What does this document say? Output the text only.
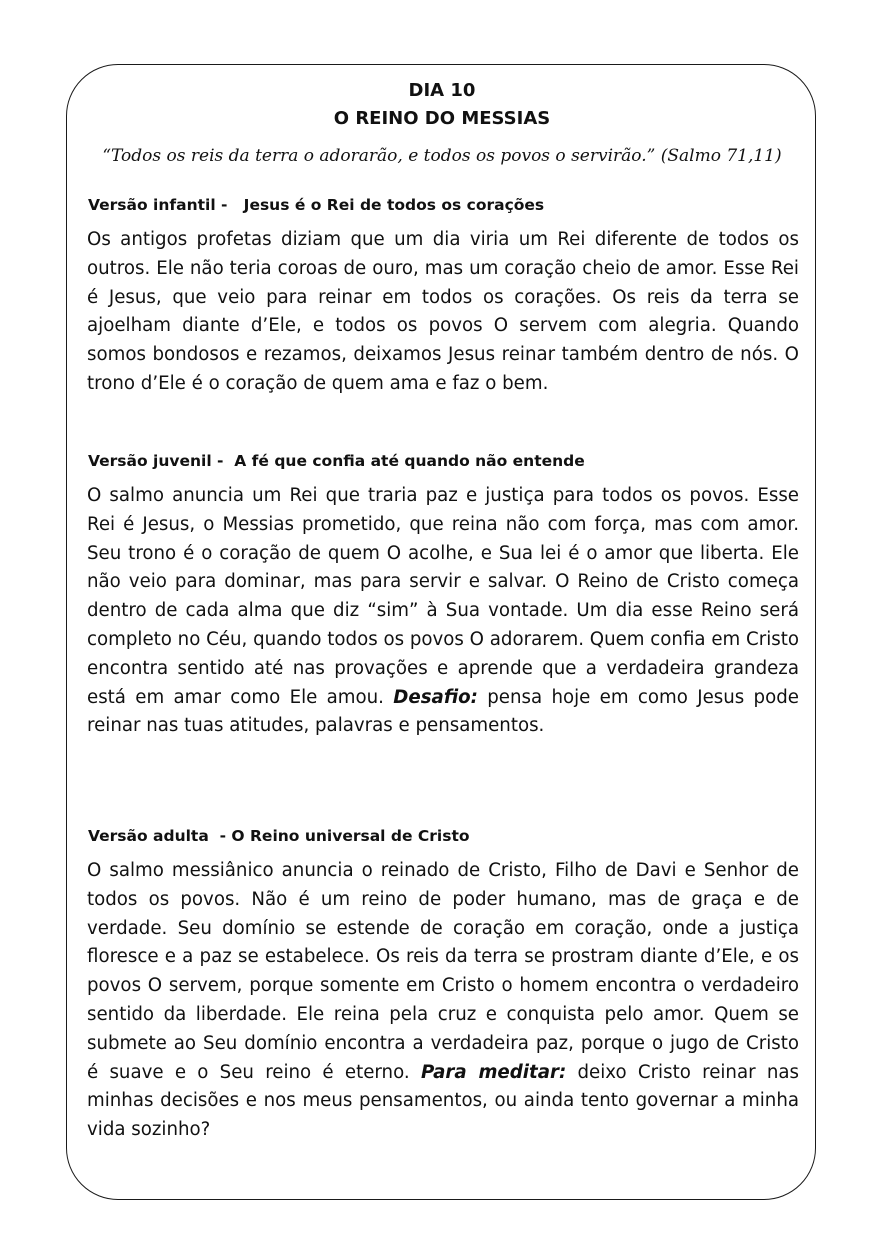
DIA 10
O REINO DO MESSIAS

“Todos os reis da terra o adorarão, e todos os povos o servirão.” (Salmo 71,11)

Versão infantil -   Jesus é o Rei de todos os corações

Os antigos profetas diziam que um dia viria um Rei diferente de todos os outros. Ele não teria coroas de ouro, mas um coração cheio de amor. Esse Rei é Jesus, que veio para reinar em todos os corações. Os reis da terra se ajoelham diante d’Ele, e todos os povos O servem com alegria. Quando somos bondosos e rezamos, deixamos Jesus reinar também dentro de nós. O trono d’Ele é o coração de quem ama e faz o bem.

Versão juvenil -  A fé que confia até quando não entende

O salmo anuncia um Rei que traria paz e justiça para todos os povos. Esse Rei é Jesus, o Messias prometido, que reina não com força, mas com amor. Seu trono é o coração de quem O acolhe, e Sua lei é o amor que liberta. Ele não veio para dominar, mas para servir e salvar. O Reino de Cristo começa dentro de cada alma que diz “sim” à Sua vontade. Um dia esse Reino será completo no Céu, quando todos os povos O adorarem. Quem confia em Cristo encontra sentido até nas provações e aprende que a verdadeira grandeza está em amar como Ele amou. Desafio: pensa hoje em como Jesus pode reinar nas tuas atitudes, palavras e pensamentos.

Versão adulta  - O Reino universal de Cristo

O salmo messiânico anuncia o reinado de Cristo, Filho de Davi e Senhor de todos os povos. Não é um reino de poder humano, mas de graça e de verdade. Seu domínio se estende de coração em coração, onde a justiça floresce e a paz se estabelece. Os reis da terra se prostram diante d’Ele, e os povos O servem, porque somente em Cristo o homem encontra o verdadeiro sentido da liberdade. Ele reina pela cruz e conquista pelo amor. Quem se submete ao Seu domínio encontra a verdadeira paz, porque o jugo de Cristo é suave e o Seu reino é eterno. Para meditar: deixo Cristo reinar nas minhas decisões e nos meus pensamentos, ou ainda tento governar a minha vida sozinho?
